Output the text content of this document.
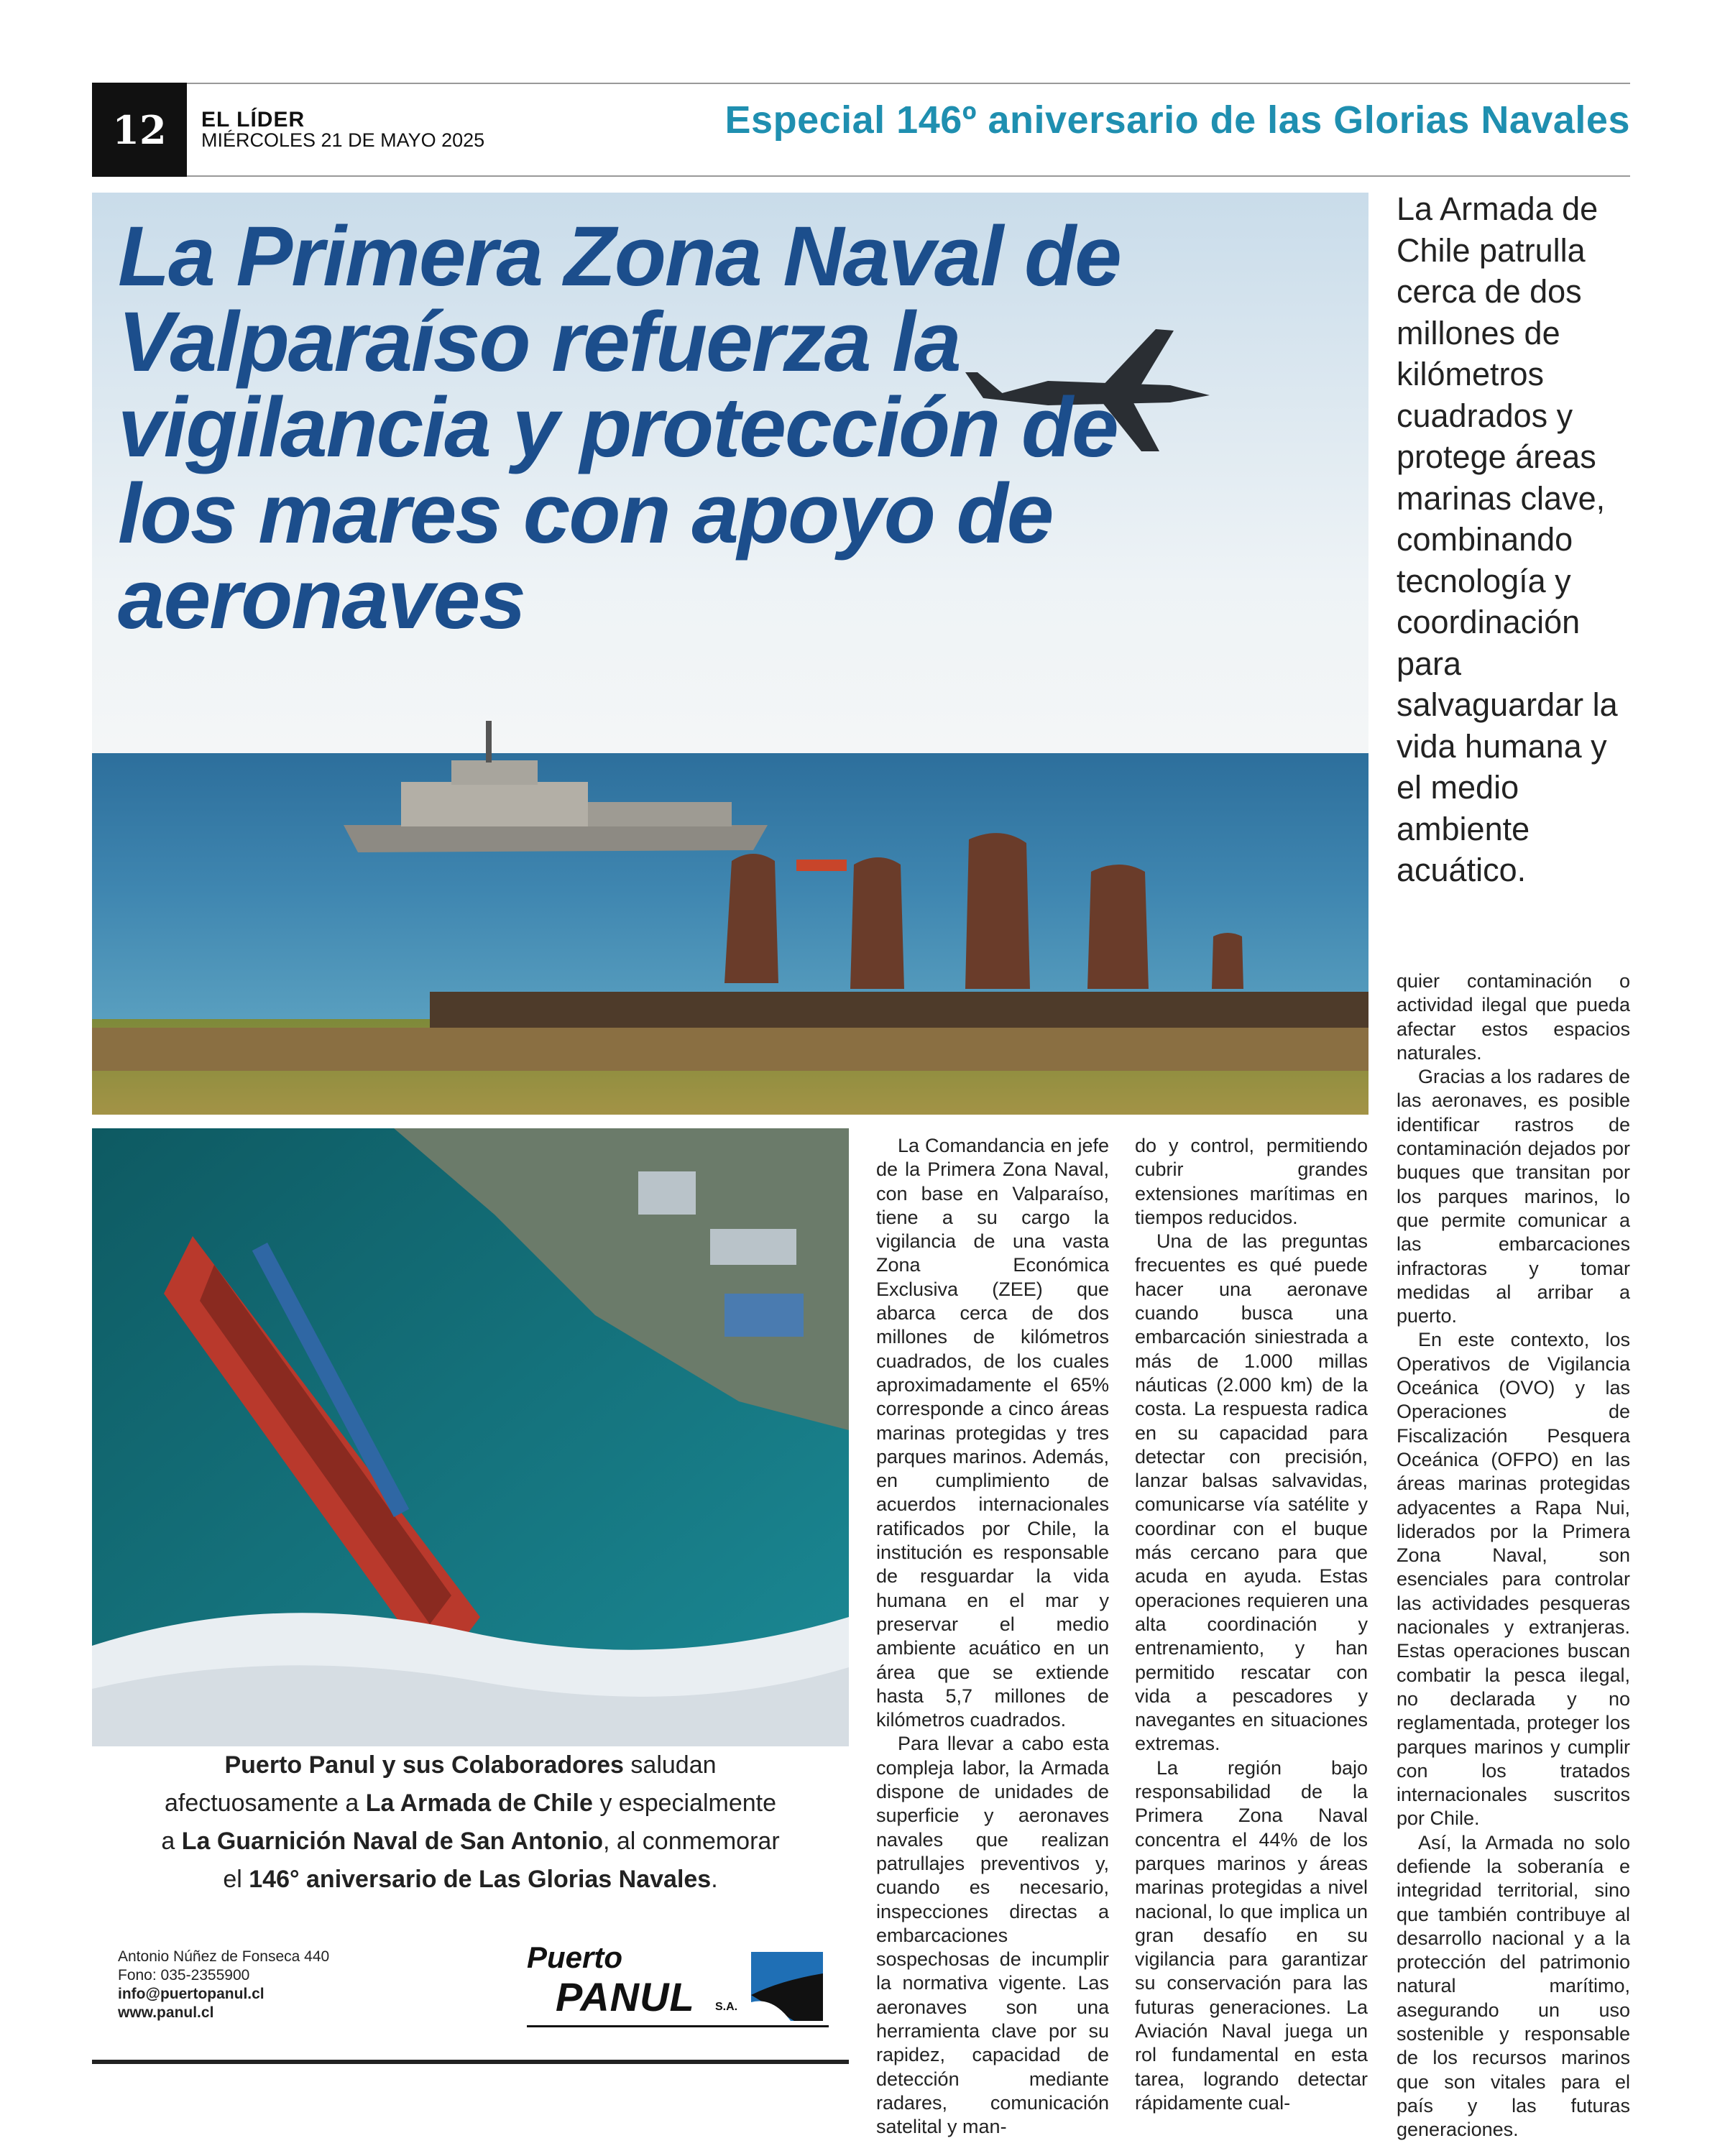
12	EL LÍDER
MIÉRCOLES 21 DE MAYO 2025	Especial 146º aniversario de las Glorias Navales
La Primera Zona Naval de Valparaíso refuerza la vigilancia y protección de los mares con apoyo de aeronaves
La Armada de Chile patrulla cerca de dos millones de kilómetros cuadrados y protege áreas marinas clave, combinando tecnología y coordinación para salvaguardar la vida humana y el medio ambiente acuático.
Puerto Panul y sus Colaboradores saludan
afectuosamente a La Armada de Chile y especialmente
a La Guarnición Naval de San Antonio, al conmemorar
el 146° aniversario de Las Glorias Navales.
Antonio Núñez de Fonseca 440
Fono: 035-2355900
info@puertopanul.cl
www.panul.cl
Puerto
PANUL S.A.

La Comandancia en jefe de la Primera Zona Naval, con base en Valparaíso, tiene a su cargo la vigilancia de una vasta Zona Económica Exclusiva (ZEE) que abarca cerca de dos millones de kilómetros cuadrados, de los cuales aproximadamente el 65% corresponde a cinco áreas marinas protegidas y tres parques marinos. Además, en cumplimiento de acuerdos internacionales ratificados por Chile, la institución es responsable de resguardar la vida humana en el mar y preservar el medio ambiente acuático en un área que se extiende hasta 5,7 millones de kilómetros cuadrados.

Para llevar a cabo esta compleja labor, la Armada dispone de unidades de superficie y aeronaves navales que realizan patrullajes preventivos y, cuando es necesario, inspecciones directas a embarcaciones sospechosas de incumplir la normativa vigente. Las aeronaves son una herramienta clave por su rapidez, capacidad de detección mediante radares, comunicación satelital y man-

do y control, permitiendo cubrir grandes extensiones marítimas en tiempos reducidos.

Una de las preguntas frecuentes es qué puede hacer una aeronave cuando busca una embarcación siniestrada a más de 1.000 millas náuticas (2.000 km) de la costa. La respuesta radica en su capacidad para detectar con precisión, lanzar balsas salvavidas, comunicarse vía satélite y coordinar con el buque más cercano para que acuda en ayuda. Estas operaciones requieren una alta coordinación y entrenamiento, y han permitido rescatar con vida a pescadores y navegantes en situaciones extremas.

La región bajo responsabilidad de la Primera Zona Naval concentra el 44% de los parques marinos y áreas marinas protegidas a nivel nacional, lo que implica un gran desafío en su vigilancia para garantizar su conservación para las futuras generaciones. La Aviación Naval juega un rol fundamental en esta tarea, logrando detectar rápidamente cual-

quier contaminación o actividad ilegal que pueda afectar estos espacios naturales.

Gracias a los radares de las aeronaves, es posible identificar rastros de contaminación dejados por buques que transitan por los parques marinos, lo que permite comunicar a las embarcaciones infractoras y tomar medidas al arribar a puerto.

En este contexto, los Operativos de Vigilancia Oceánica (OVO) y las Operaciones de Fiscalización Pesquera Oceánica (OFPO) en las áreas marinas protegidas adyacentes a Rapa Nui, liderados por la Primera Zona Naval, son esenciales para controlar las actividades pesqueras nacionales y extranjeras. Estas operaciones buscan combatir la pesca ilegal, no declarada y no reglamentada, proteger los parques marinos y cumplir con los tratados internacionales suscritos por Chile.

Así, la Armada no solo defiende la soberanía e integridad territorial, sino que también contribuye al desarrollo nacional y a la protección del patrimonio natural marítimo, asegurando un uso sostenible y responsable de los recursos marinos que son vitales para el país y las futuras generaciones.
